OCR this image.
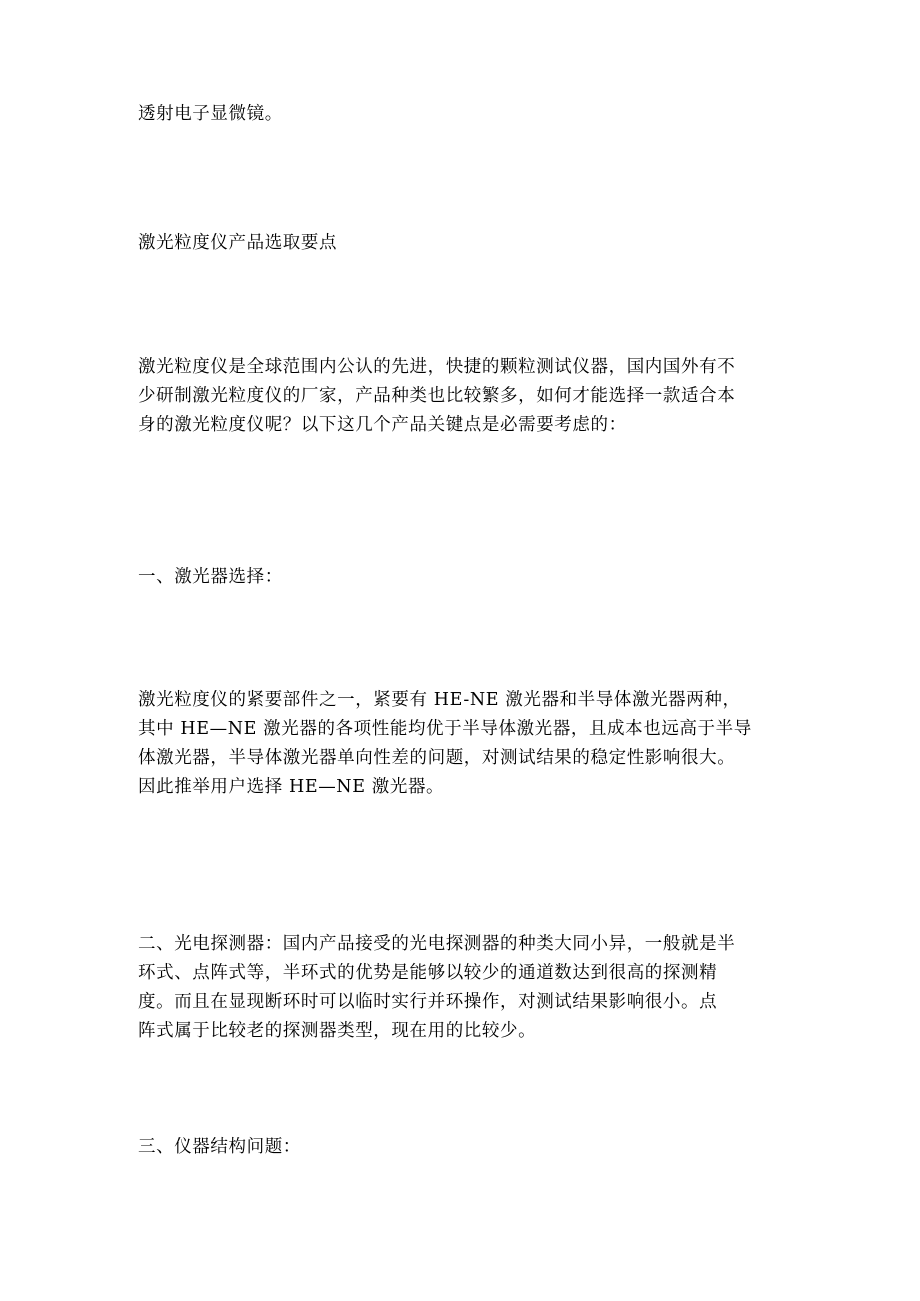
透射电子显微镜。

激光粒度仪产品选取要点

激光粒度仪是全球范围内公认的先进，快捷的颗粒测试仪器，国内国外有不
少研制激光粒度仪的厂家，产品种类也比较繁多，如何才能选择一款适合本
身的激光粒度仪呢？以下这几个产品关键点是必需要考虑的：

一、激光器选择：

激光粒度仪的紧要部件之一，紧要有 HE-NE 激光器和半导体激光器两种，
其中 HE—NE 激光器的各项性能均优于半导体激光器，且成本也远高于半导
体激光器，半导体激光器单向性差的问题，对测试结果的稳定性影响很大。
因此推举用户选择 HE—NE 激光器。

二、光电探测器：国内产品接受的光电探测器的种类大同小异，一般就是半
环式、点阵式等，半环式的优势是能够以较少的通道数达到很高的探测精
度。而且在显现断环时可以临时实行并环操作，对测试结果影响很小。点
阵式属于比较老的探测器类型，现在用的比较少。

三、仪器结构问题：
